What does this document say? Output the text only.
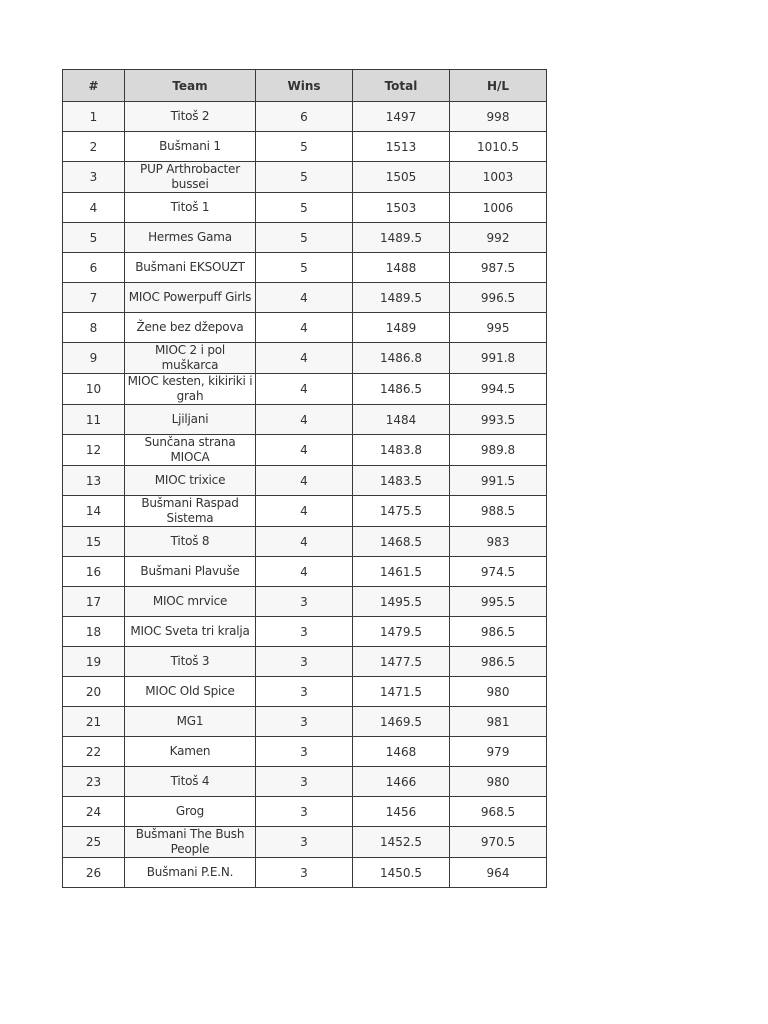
#	Team	Wins	Total	H/L
1	Titoš 2	6	1497	998
2	Bušmani 1	5	1513	1010.5
3	PUP Arthrobacter bussei	5	1505	1003
4	Titoš 1	5	1503	1006
5	Hermes Gama	5	1489.5	992
6	Bušmani EKSOUZT	5	1488	987.5
7	MIOC Powerpuff Girls	4	1489.5	996.5
8	Žene bez džepova	4	1489	995
9	MIOC 2 i pol muškarca	4	1486.8	991.8
10	MIOC kesten, kikiriki i grah	4	1486.5	994.5
11	Ljiljani	4	1484	993.5
12	Sunčana strana MIOCA	4	1483.8	989.8
13	MIOC trixice	4	1483.5	991.5
14	Bušmani Raspad Sistema	4	1475.5	988.5
15	Titoš 8	4	1468.5	983
16	Bušmani Plavuše	4	1461.5	974.5
17	MIOC mrvice	3	1495.5	995.5
18	MIOC Sveta tri kralja	3	1479.5	986.5
19	Titoš 3	3	1477.5	986.5
20	MIOC Old Spice	3	1471.5	980
21	MG1	3	1469.5	981
22	Kamen	3	1468	979
23	Titoš 4	3	1466	980
24	Grog	3	1456	968.5
25	Bušmani The Bush People	3	1452.5	970.5
26	Bušmani P.E.N.	3	1450.5	964
